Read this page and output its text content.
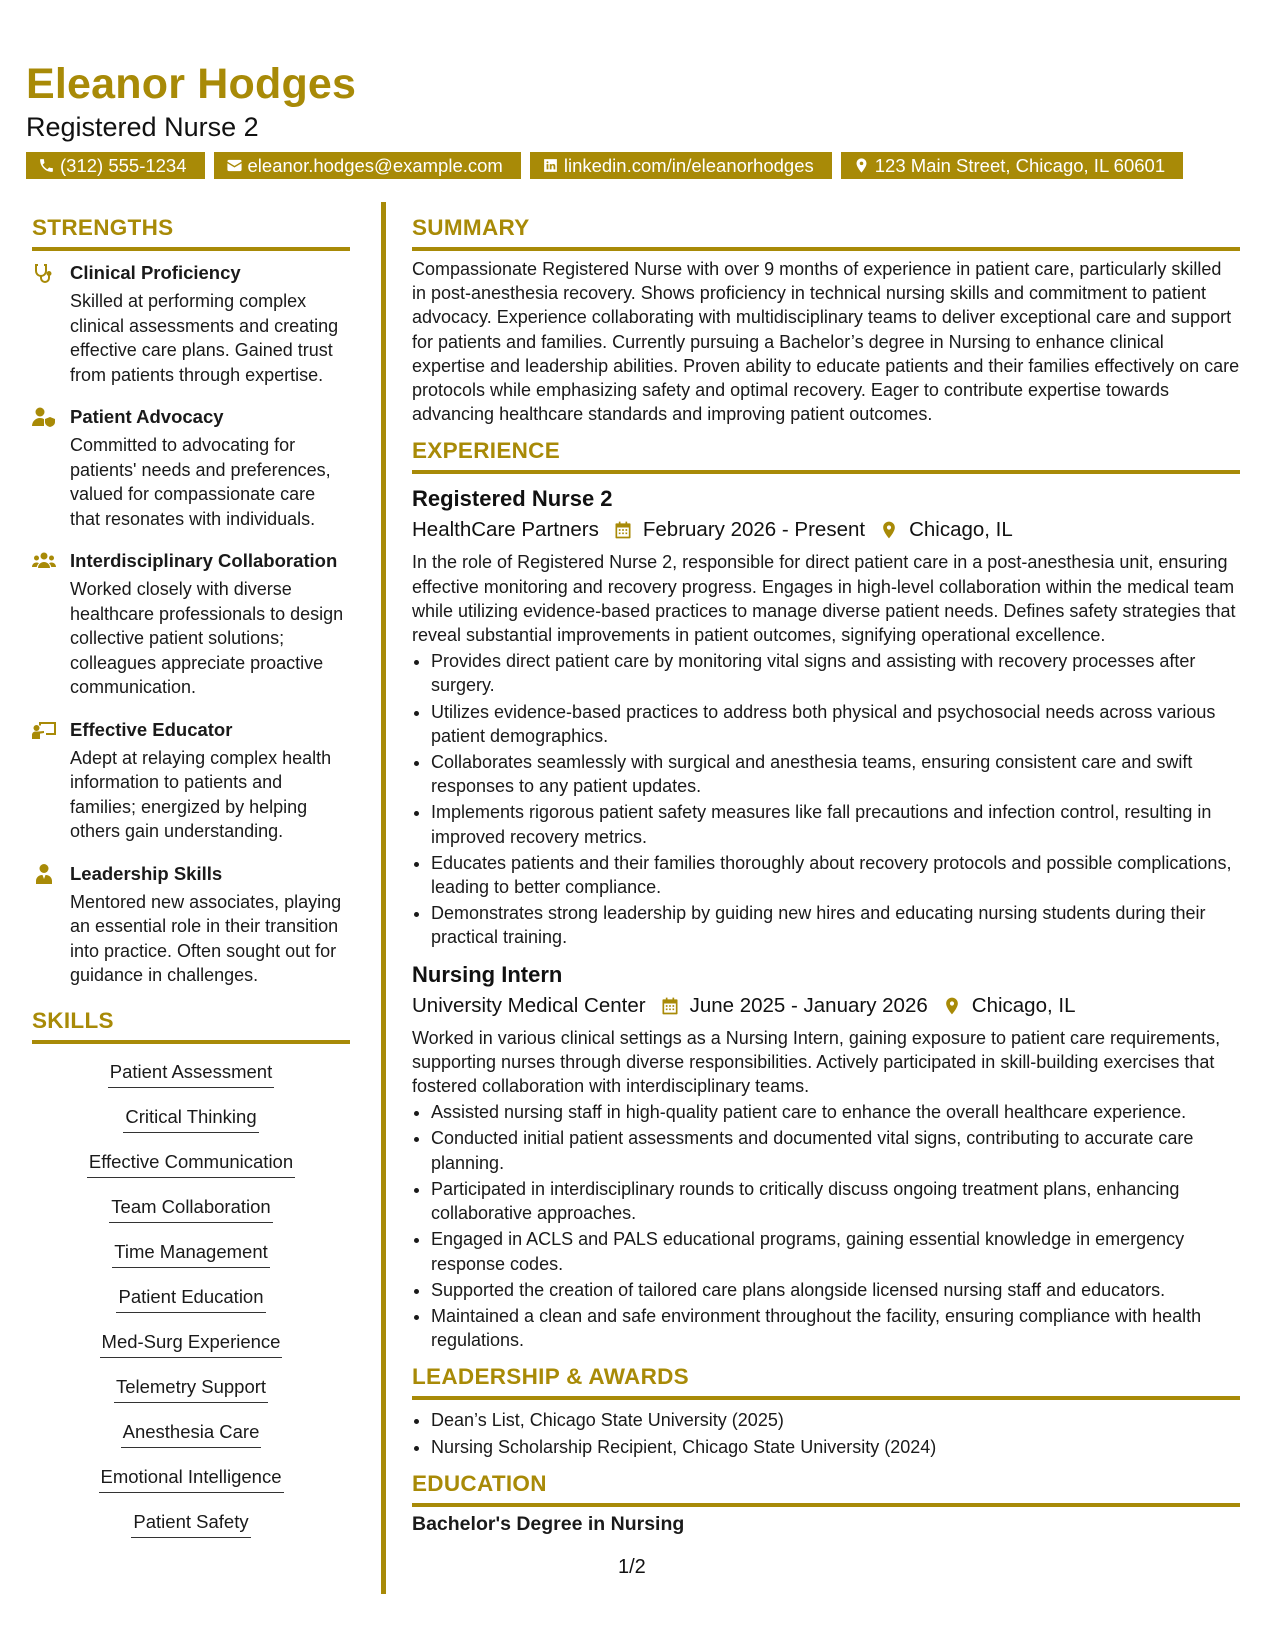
Eleanor Hodges
Registered Nurse 2
(312) 555-1234	eleanor.hodges@example.com	linkedin.com/in/eleanorhodges	123 Main Street, Chicago, IL 60601
STRENGTHS

Clinical Proficiency

Skilled at performing complex clinical assessments and creating effective care plans. Gained trust from patients through expertise.

Patient Advocacy

Committed to advocating for patients' needs and preferences, valued for compassionate care that resonates with individuals.

Interdisciplinary Collaboration

Worked closely with diverse healthcare professionals to design collective patient solutions; colleagues appreciate proactive communication.

Effective Educator

Adept at relaying complex health information to patients and families; energized by helping others gain understanding.

Leadership Skills

Mentored new associates, playing an essential role in their transition into practice. Often sought out for guidance in challenges.

SKILLS
Patient Assessment
Critical Thinking
Effective Communication
Team Collaboration
Time Management
Patient Education
Med-Surg Experience
Telemetry Support
Anesthesia Care
Emotional Intelligence
Patient Safety
SUMMARY

Compassionate Registered Nurse with over 9 months of experience in patient care, particularly skilled in post-anesthesia recovery. Shows proficiency in technical nursing skills and commitment to patient advocacy. Experience collaborating with multidisciplinary teams to deliver exceptional care and support for patients and families. Currently pursuing a Bachelor’s degree in Nursing to enhance clinical expertise and leadership abilities. Proven ability to educate patients and their families effectively on care protocols while emphasizing safety and optimal recovery. Eager to contribute expertise towards advancing healthcare standards and improving patient outcomes.

EXPERIENCE

Registered Nurse 2

HealthCare Partners February 2026 - Present Chicago, IL

In the role of Registered Nurse 2, responsible for direct patient care in a post-anesthesia unit, ensuring effective monitoring and recovery progress. Engages in high-level collaboration within the medical team while utilizing evidence-based practices to manage diverse patient needs. Defines safety strategies that reveal substantial improvements in patient outcomes, signifying operational excellence.

• Provides direct patient care by monitoring vital signs and assisting with recovery processes after surgery.
• Utilizes evidence-based practices to address both physical and psychosocial needs across various patient demographics.
• Collaborates seamlessly with surgical and anesthesia teams, ensuring consistent care and swift responses to any patient updates.
• Implements rigorous patient safety measures like fall precautions and infection control, resulting in improved recovery metrics.
• Educates patients and their families thoroughly about recovery protocols and possible complications, leading to better compliance.
• Demonstrates strong leadership by guiding new hires and educating nursing students during their practical training.

Nursing Intern

University Medical Center June 2025 - January 2026 Chicago, IL

Worked in various clinical settings as a Nursing Intern, gaining exposure to patient care requirements, supporting nurses through diverse responsibilities. Actively participated in skill-building exercises that fostered collaboration with interdisciplinary teams.

• Assisted nursing staff in high-quality patient care to enhance the overall healthcare experience.
• Conducted initial patient assessments and documented vital signs, contributing to accurate care planning.
• Participated in interdisciplinary rounds to critically discuss ongoing treatment plans, enhancing collaborative approaches.
• Engaged in ACLS and PALS educational programs, gaining essential knowledge in emergency response codes.
• Supported the creation of tailored care plans alongside licensed nursing staff and educators.
• Maintained a clean and safe environment throughout the facility, ensuring compliance with health regulations.
LEADERSHIP & AWARDS
• Dean’s List, Chicago State University (2025)
• Nursing Scholarship Recipient, Chicago State University (2024)
EDUCATION

Bachelor's Degree in Nursing

1/2
